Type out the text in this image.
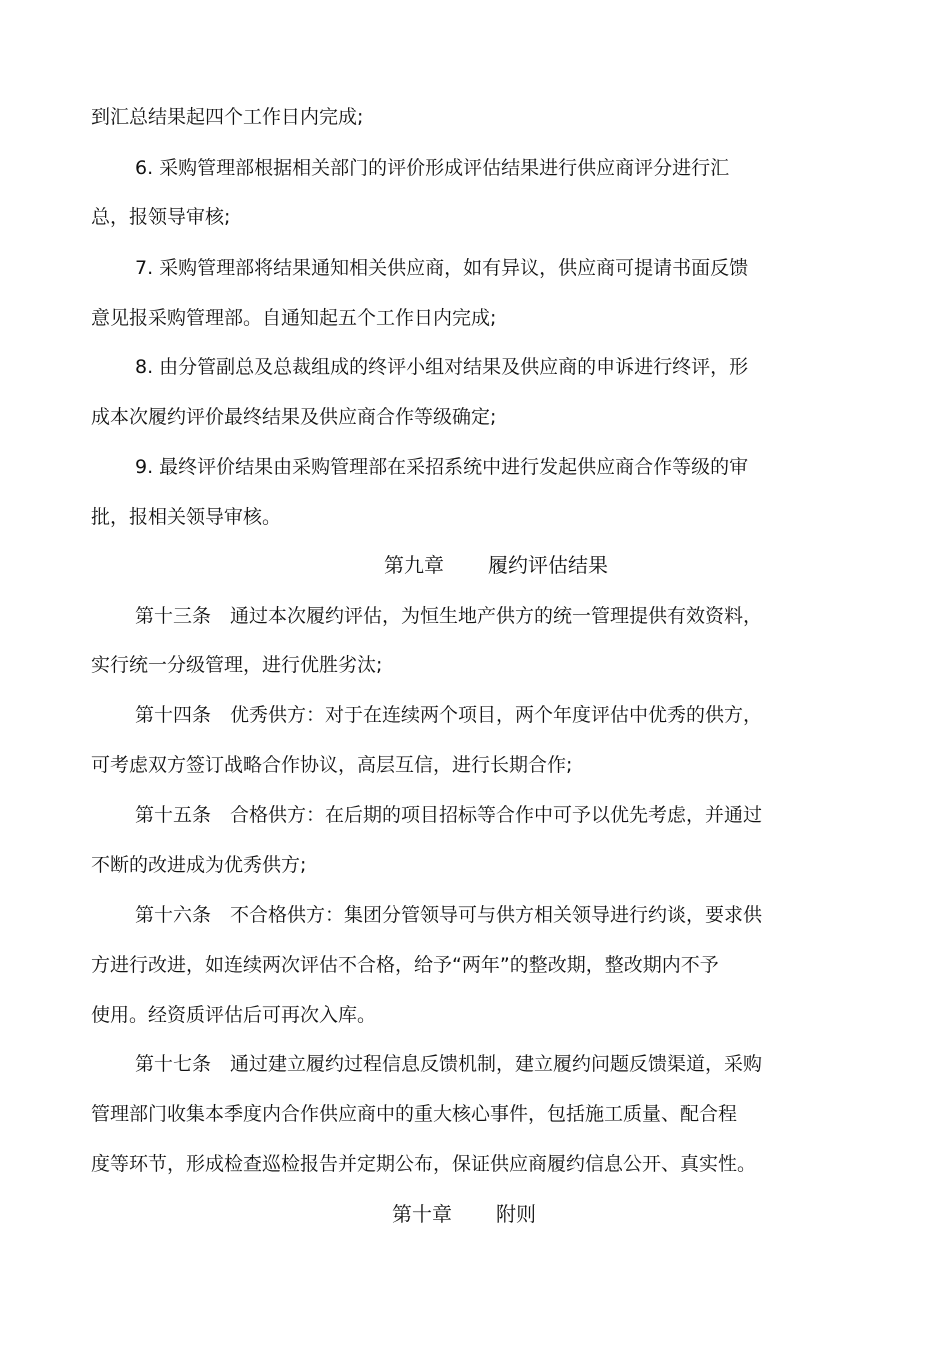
到汇总结果起四个工作日内完成;
6. 采购管理部根据相关部门的评价形成评估结果进行供应商评分进行汇
总，报领导审核;
7. 采购管理部将结果通知相关供应商，如有异议，供应商可提请书面反馈
意见报采购管理部。自通知起五个工作日内完成;
8. 由分管副总及总裁组成的终评小组对结果及供应商的申诉进行终评，形
成本次履约评价最终结果及供应商合作等级确定;
9. 最终评价结果由采购管理部在采招系统中进行发起供应商合作等级的审
批，报相关领导审核。
第九章 履约评估结果
第十三条　通过本次履约评估，为恒生地产供方的统一管理提供有效资料，
实行统一分级管理，进行优胜劣汰;
第十四条　优秀供方：对于在连续两个项目，两个年度评估中优秀的供方，
可考虑双方签订战略合作协议，高层互信，进行长期合作;
第十五条　合格供方：在后期的项目招标等合作中可予以优先考虑，并通过
不断的改进成为优秀供方;
第十六条　不合格供方：集团分管领导可与供方相关领导进行约谈，要求供
方进行改进，如连续两次评估不合格，给予“两年”的整改期，整改期内不予
使用。经资质评估后可再次入库。
第十七条　通过建立履约过程信息反馈机制，建立履约问题反馈渠道，采购
管理部门收集本季度内合作供应商中的重大核心事件，包括施工质量、配合程
度等环节，形成检查巡检报告并定期公布，保证供应商履约信息公开、真实性。
第十章 附则
